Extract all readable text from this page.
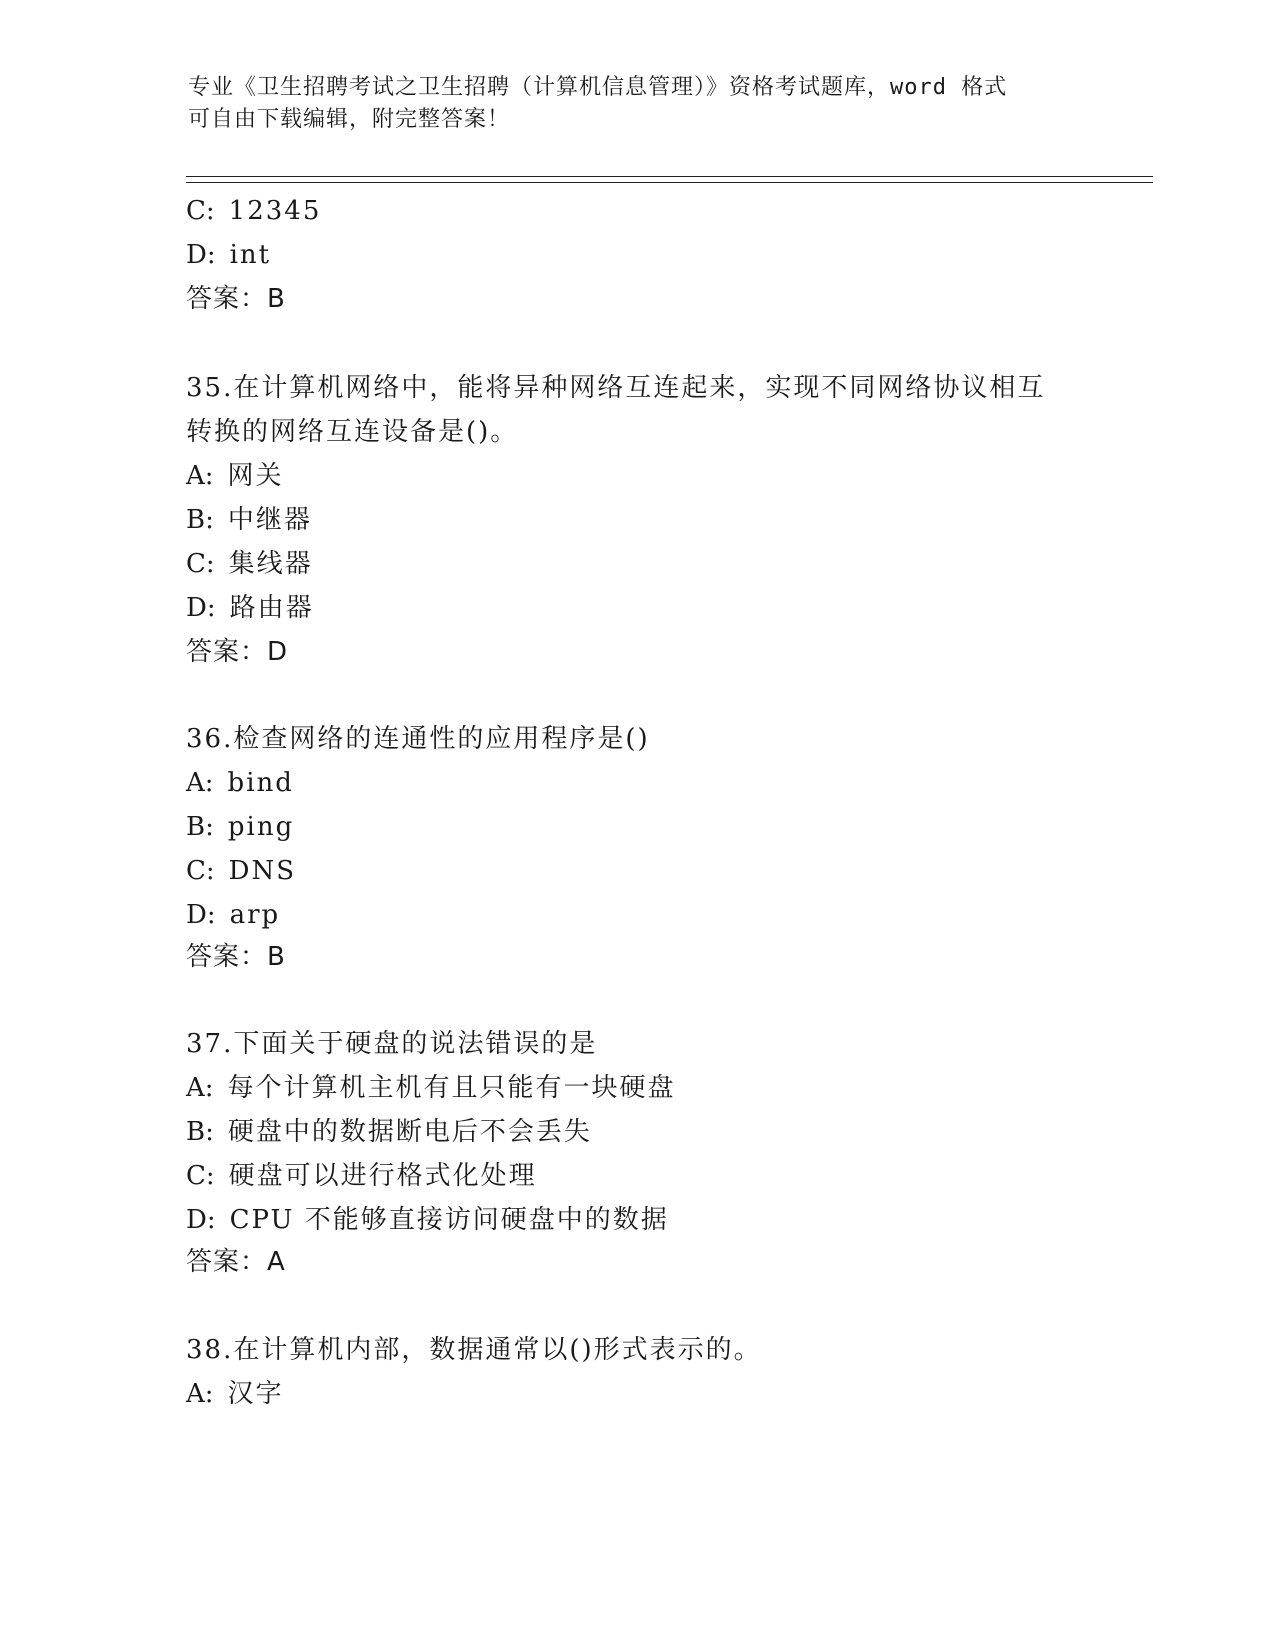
专业《卫生招聘考试之卫生招聘（计算机信息管理）》资格考试题库，word 格式
可自由下载编辑，附完整答案！
C: 12345
D: int
答案：B
35.在计算机网络中，能将异种网络互连起来，实现不同网络协议相互
转换的网络互连设备是()。
A: 网关
B: 中继器
C: 集线器
D: 路由器
答案：D
36.检查网络的连通性的应用程序是()
A: bind
B: ping
C: DNS
D: arp
答案：B
37.下面关于硬盘的说法错误的是
A: 每个计算机主机有且只能有一块硬盘
B: 硬盘中的数据断电后不会丢失
C: 硬盘可以进行格式化处理
D: CPU 不能够直接访问硬盘中的数据
答案：A
38.在计算机内部，数据通常以()形式表示的。
A: 汉字
